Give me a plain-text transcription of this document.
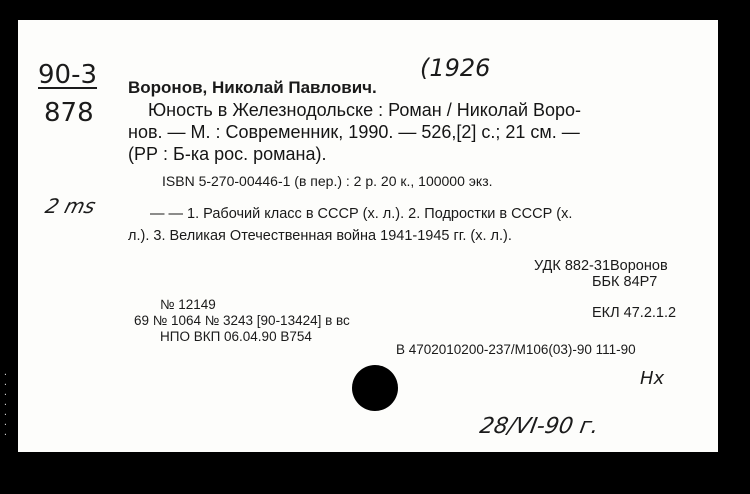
90-3
878
(1926
Воронов, Николай Павлович.
Юность в Железнодольске : Роман / Николай Воро-
нов. — М. : Современник, 1990. — 526,[2] с.; 21 см. —
(РР : Б-ка рос. романа).
ISBN 5-270-00446-1 (в пер.) : 2 р. 20 к., 100000 экз.
2 ms	— — 1. Рабочий класс в СССР (х. л.). 2. Подростки в СССР (х.
л.). 3. Великая Отечественная война 1941-1945 гг. (х. л.).
УДК 882-31Воронов
ББК 84Р7
№ 12149
69 № 1064 № 3243 [90-13424] в вс	ЕКЛ 47.2.1.2
НПО ВКП 06.04.90 В754
В 4702010200-237/М106(03)-90 111-90
Нх
28/VI-90 г.
·
·
·
·
·
·
·
